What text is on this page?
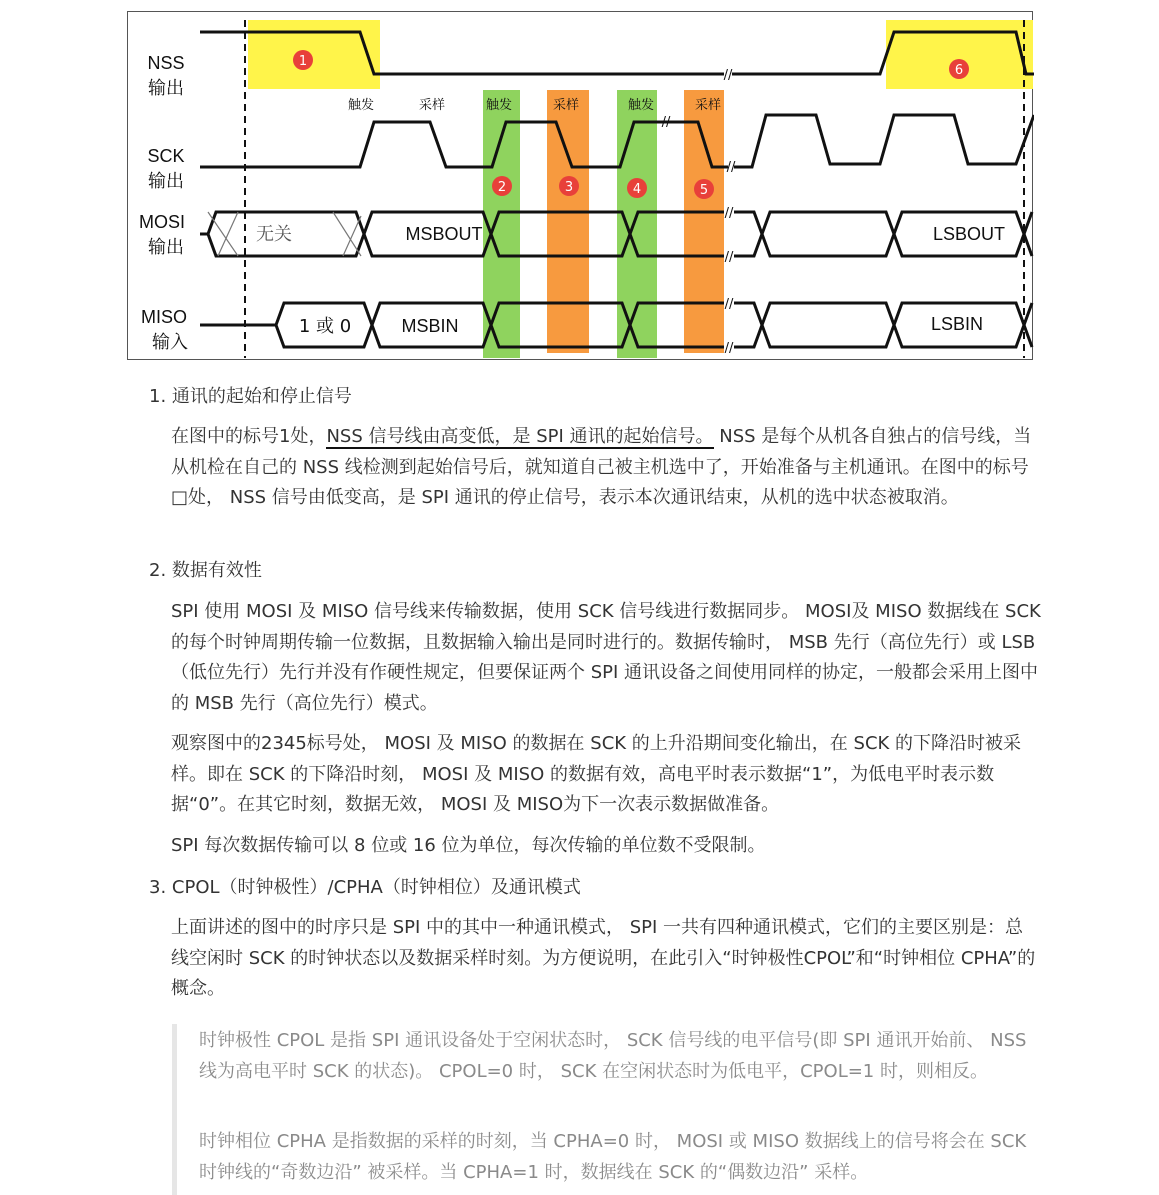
NSS
输出
SCK
输出
MOSI
输出
MISO
输入
//
触发	采样	触发	采样	触发	采样
//
//
1
2	3	4	5
6
无关	MSBOUT	LSBOUT
//
//
1 或 0	MSBIN	LSBIN
//
//
1. 通讯的起始和停止信号
在图中的标号1处，NSS 信号线由高变低，是 SPI 通讯的起始信号。 NSS 是每个从机各自独占的信号线，当从机检在自己的 NSS 线检测到起始信号后，就知道自己被主机选中了，开始准备与主机通讯。在图中的标号□处， NSS 信号由低变高，是 SPI 通讯的停止信号，表示本次通讯结束，从机的选中状态被取消。
2. 数据有效性
SPI 使用 MOSI 及 MISO 信号线来传输数据，使用 SCK 信号线进行数据同步。 MOSI及 MISO 数据线在 SCK 的每个时钟周期传输一位数据，且数据输入输出是同时进行的。数据传输时， MSB 先行（高位先行）或 LSB（低位先行）先行并没有作硬性规定，但要保证两个 SPI 通讯设备之间使用同样的协定，一般都会采用上图中的 MSB 先行（高位先行）模式。
观察图中的2345标号处， MOSI 及 MISO 的数据在 SCK 的上升沿期间变化输出，在 SCK 的下降沿时被采样。即在 SCK 的下降沿时刻， MOSI 及 MISO 的数据有效，高电平时表示数据“1”，为低电平时表示数据“0”。在其它时刻，数据无效， MOSI 及 MISO为下一次表示数据做准备。
SPI 每次数据传输可以 8 位或 16 位为单位，每次传输的单位数不受限制。
3. CPOL（时钟极性）/CPHA（时钟相位）及通讯模式
上面讲述的图中的时序只是 SPI 中的其中一种通讯模式， SPI 一共有四种通讯模式，它们的主要区别是：总线空闲时 SCK 的时钟状态以及数据采样时刻。为方便说明，在此引入“时钟极性CPOL”和“时钟相位 CPHA”的概念。
时钟极性 CPOL 是指 SPI 通讯设备处于空闲状态时， SCK 信号线的电平信号(即 SPI 通讯开始前、 NSS 线为高电平时 SCK 的状态)。 CPOL=0 时， SCK 在空闲状态时为低电平，CPOL=1 时，则相反。
时钟相位 CPHA 是指数据的采样的时刻，当 CPHA=0 时， MOSI 或 MISO 数据线上的信号将会在 SCK 时钟线的“奇数边沿” 被采样。当 CPHA=1 时，数据线在 SCK 的“偶数边沿” 采样。
